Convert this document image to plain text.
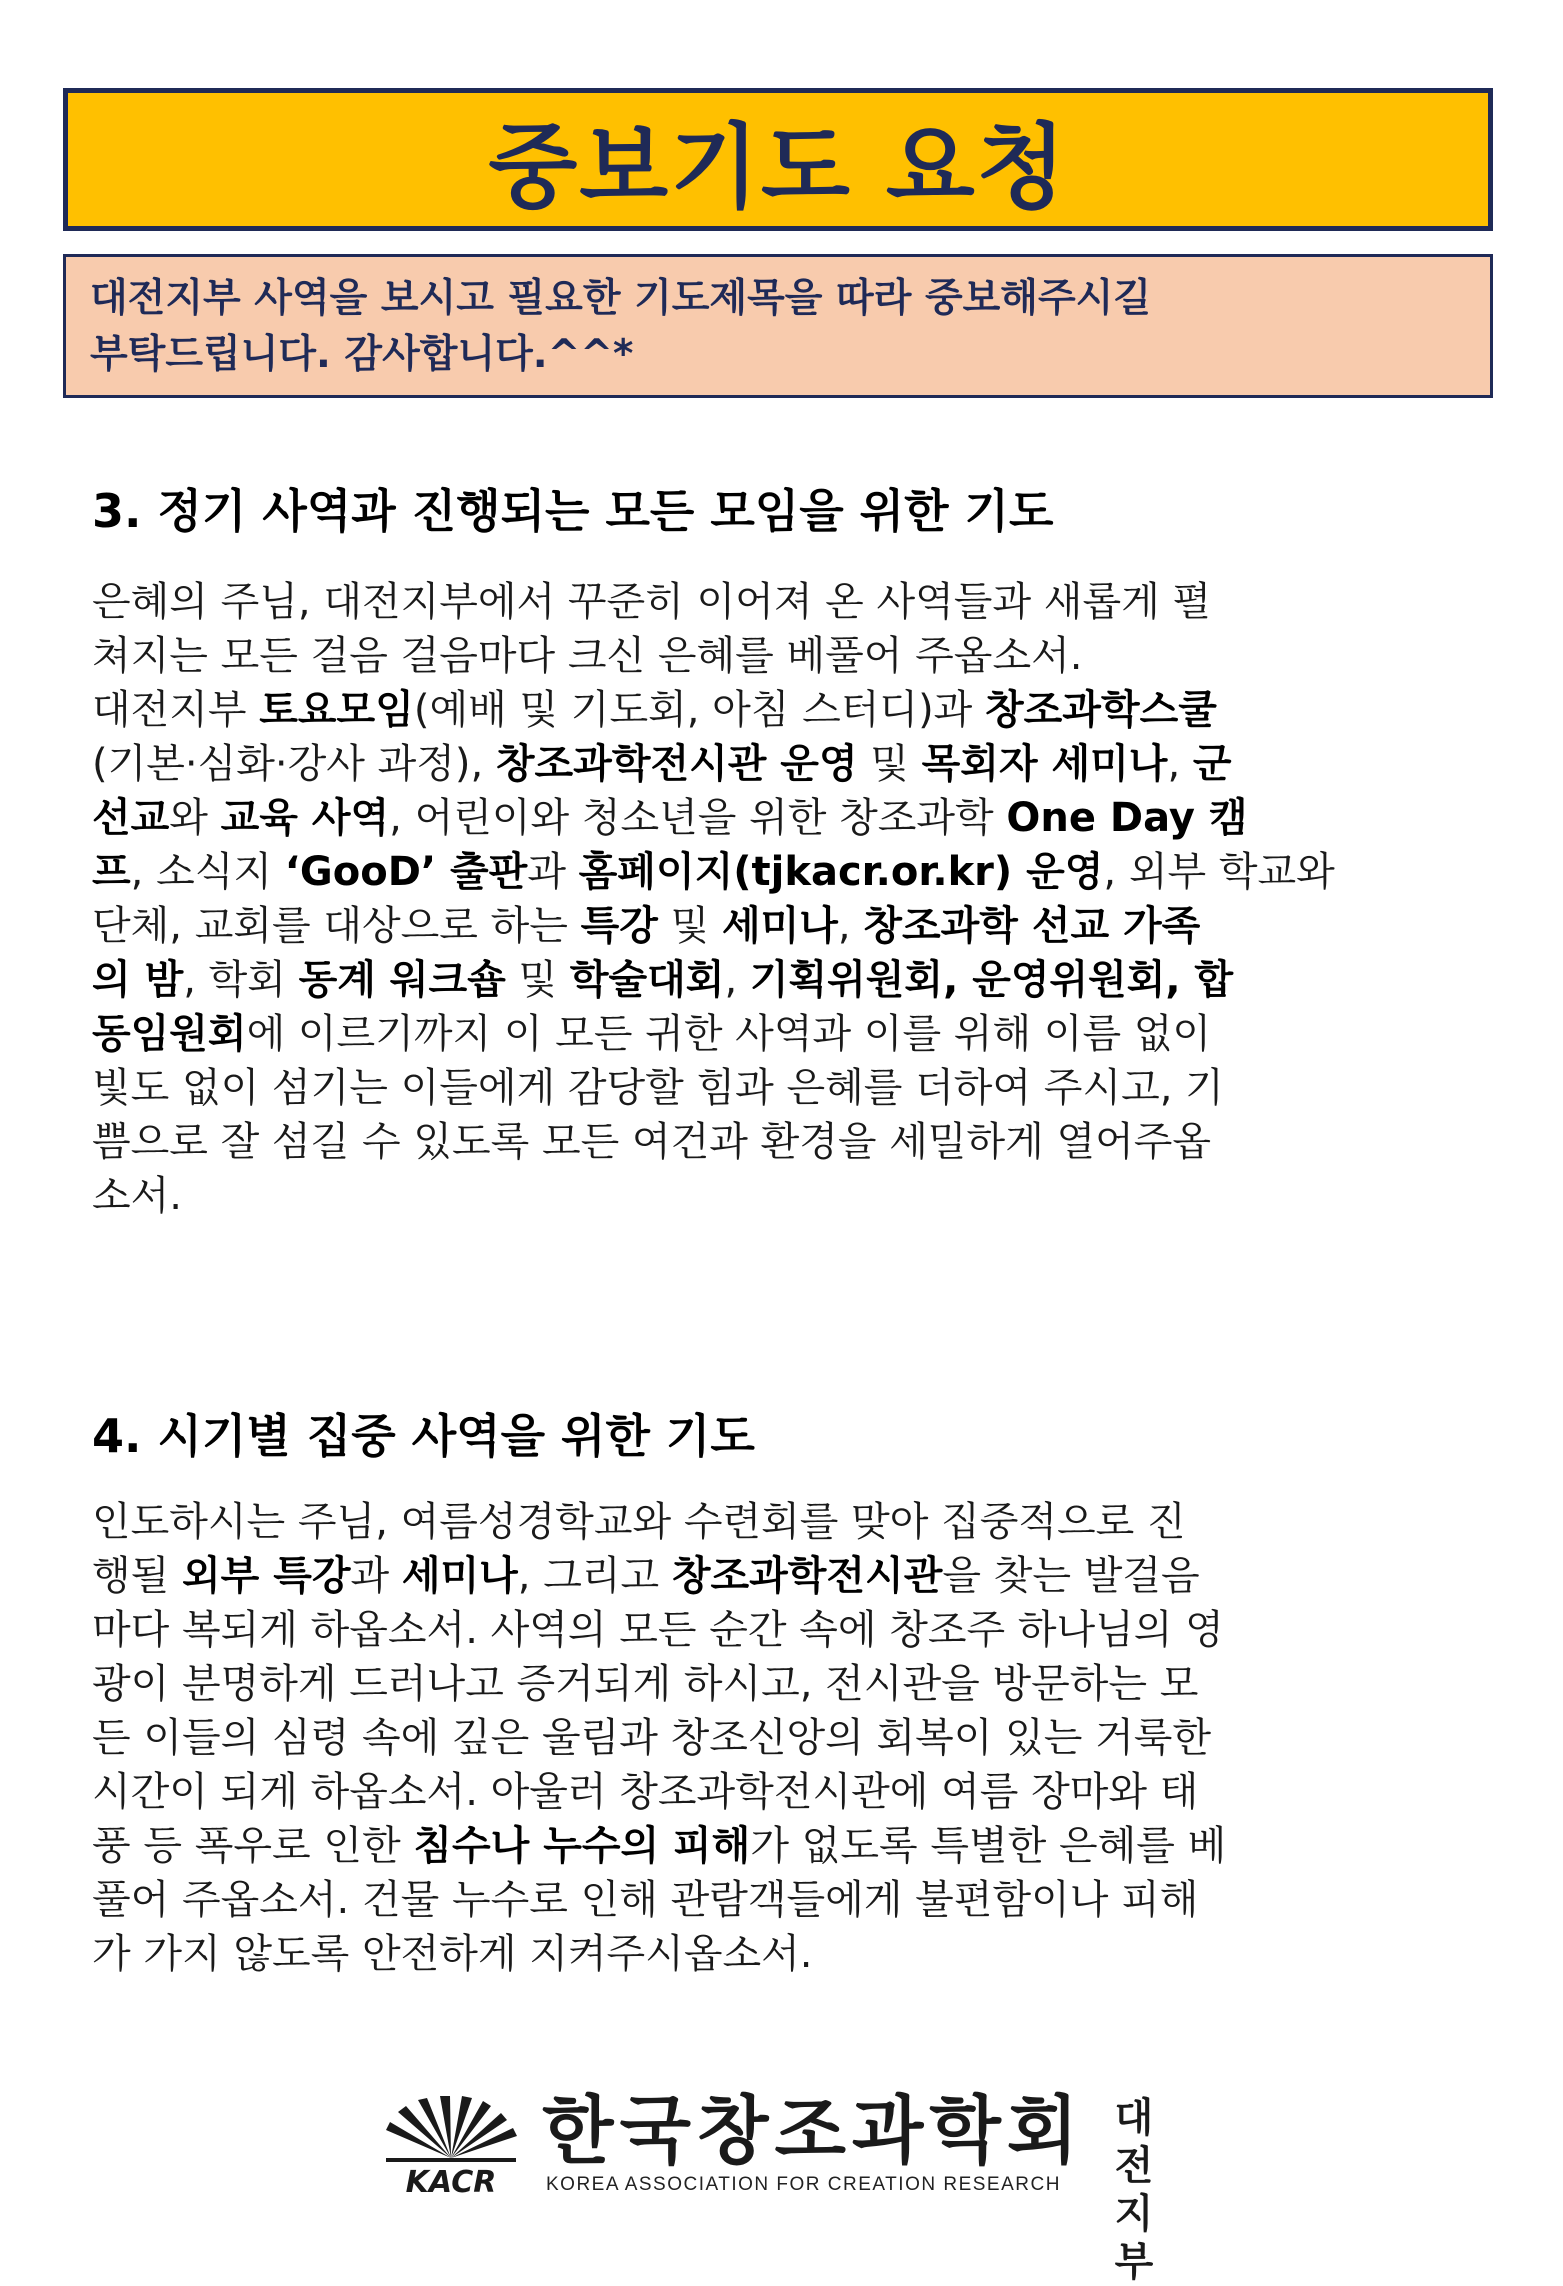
중보기도 요청
대전지부 사역을 보시고 필요한 기도제목을 따라 중보해주시길
부탁드립니다. 감사합니다.^^*
3. 정기 사역과 진행되는 모든 모임을 위한 기도
은혜의 주님, 대전지부에서 꾸준히 이어져 온 사역들과 새롭게 펼
쳐지는 모든 걸음 걸음마다 크신 은혜를 베풀어 주옵소서.
대전지부 토요모임(예배 및 기도회, 아침 스터디)과 창조과학스쿨
(기본·심화·강사 과정), 창조과학전시관 운영 및 목회자 세미나, 군
선교와 교육 사역, 어린이와 청소년을 위한 창조과학 One Day 캠
프, 소식지 ‘GooD’ 출판과 홈페이지(tjkacr.or.kr) 운영, 외부 학교와
단체, 교회를 대상으로 하는 특강 및 세미나, 창조과학 선교 가족
의 밤, 학회 동계 워크숍 및 학술대회, 기획위원회, 운영위원회, 합
동임원회에 이르기까지 이 모든 귀한 사역과 이를 위해 이름 없이
빛도 없이 섬기는 이들에게 감당할 힘과 은혜를 더하여 주시고, 기
쁨으로 잘 섬길 수 있도록 모든 여건과 환경을 세밀하게 열어주옵
소서.
4. 시기별 집중 사역을 위한 기도
인도하시는 주님, 여름성경학교와 수련회를 맞아 집중적으로 진
행될 외부 특강과 세미나, 그리고 창조과학전시관을 찾는 발걸음
마다 복되게 하옵소서. 사역의 모든 순간 속에 창조주 하나님의 영
광이 분명하게 드러나고 증거되게 하시고, 전시관을 방문하는 모
든 이들의 심령 속에 깊은 울림과 창조신앙의 회복이 있는 거룩한
시간이 되게 하옵소서. 아울러 창조과학전시관에 여름 장마와 태
풍 등 폭우로 인한 침수나 누수의 피해가 없도록 특별한 은혜를 베
풀어 주옵소서. 건물 누수로 인해 관람객들에게 불편함이나 피해
가 가지 않도록 안전하게 지켜주시옵소서.
KACR
한국창조과학회
KOREA ASSOCIATION FOR CREATION RESEARCH
대전
지부
